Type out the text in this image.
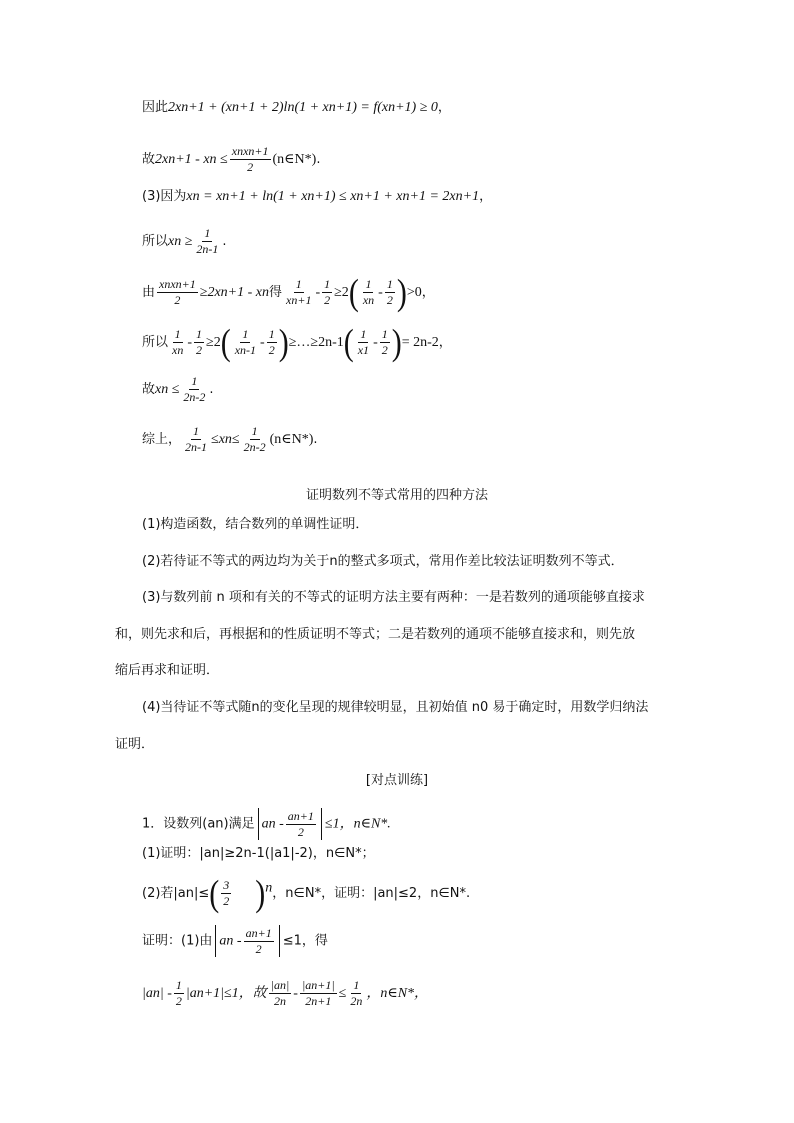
因此2xn+1 + (xn+1 + 2)ln(1 + xn+1) = f(xn+1) ≥ 0，
故2xn+1 - xn ≤ $\frac{\text{xnxn+1}}{2}$ (n∈N*).
(3)因为xn = xn+1 + ln(1 + xn+1) ≤ xn+1 + xn+1 = 2xn+1，
所以xn ≥ $\frac{1}{2n-1}$ .
由 $\frac{\text{xnxn+1}}{2} \ge 2xn+1$ - xn得 $\frac{1}{xn+1} - \frac{1}{2} \ge 2( \frac{1}{xn} - \frac{1}{2} )>0$，
所以 $\frac{1}{xn} - \frac{1}{2} \ge 2( \frac{1}{xn-1} - \frac{1}{2}$ )≥…≥2n-1( $\frac{1}{x1} - \frac{1}{2}$ )= 2n-2，
故xn ≤ $\frac{1}{2n-2}$ .
综上， $\frac{1}{2n-1} \le xn\le \frac{1}{2n-2}$ (n∈N*).
证明数列不等式常用的四种方法
(1)构造函数，结合数列的单调性证明．
(2)若待证不等式的两边均为关于n的整式多项式，常用作差比较法证明数列不等式．
(3)与数列前 n 项和有关的不等式的证明方法主要有两种：一是若数列的通项能够直接求
和，则先求和后，再根据和的性质证明不等式；二是若数列的通项不能够直接求和，则先放
缩后再求和证明．
(4)当待证不等式随n的变化呈现的规律较明显，且初始值 n0 易于确定时，用数学归纳法
证明．
[对点训练]
1．设数列(an)满足 an - $\frac{an+1}{2} \le 1$，n∈N*.
(1)证明：|an|≥2n-1(|a1|-2)，n∈N*；
(2)若$|an|\le( \frac{3}{2} )^n$，n∈N*，证明：|an|≤2，n∈N*.
证明：(1)由 an - $\frac{an+1}{2} \le 1$，得
$|an| - \frac{1}{2} |an+1|\le 1$，故 $\frac{|an|}{2n} - \frac{|an+1|}{2n+1} \le \frac{1}{2n}$ ，n∈N*，
